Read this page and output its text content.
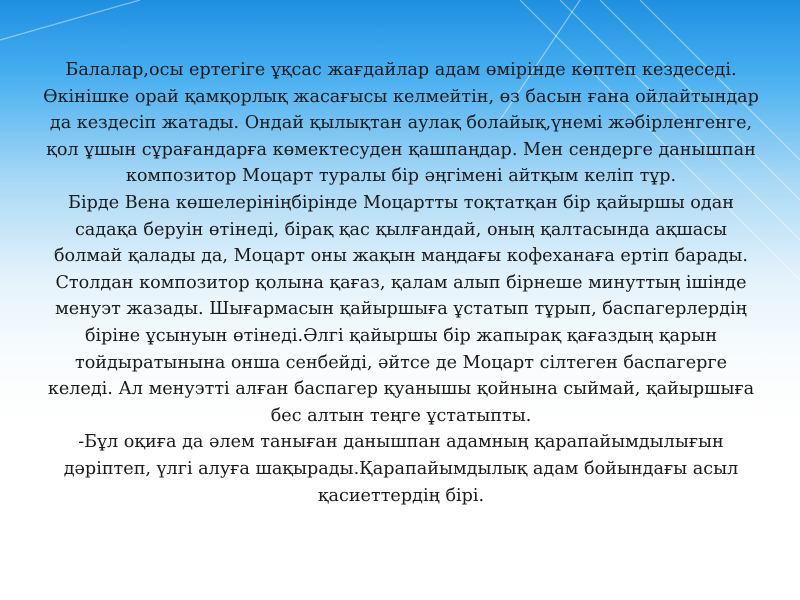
Балалар,осы ертегіге ұқсас жағдайлар адам өмірінде көптеп кездеседі. Өкінішке орай қамқорлық жасағысы келмейтін, өз басын ғана ойлайтындар да кездесіп жатады. Ондай қылықтан аулақ болайық,үнемі жәбірленгенге, қол ұшын сұрағандарға көмектесуден қашпаңдар. Мен сендерге данышпан композитор Моцарт туралы бір әңгімені айтқым келіп тұр.

Бірде Вена көшелерініңбірінде Моцартты тоқтатқан бір қайыршы одан садақа беруін өтінеді, бірақ қас қылғандай, оның қалтасында ақшасы болмай қалады да, Моцарт оны жақын маңдағы кофеханаға ертіп барады. Столдан композитор қолына қағаз, қалам алып бірнеше минуттың ішінде менуэт жазады. Шығармасын қайыршыға ұстатып тұрып, баспагерлердің біріне ұсынуын өтінеді.Әлгі қайыршы бір жапырақ қағаздың қарын тойдыратынына онша сенбейді, әйтсе де Моцарт сілтеген баспагерге келеді. Ал менуэтті алған баспагер қуанышы қойнына сыймай, қайыршыға бес алтын теңге ұстатыпты.

-Бұл оқиға да әлем таныған данышпан адамның қарапайымдылығын дәріптеп, үлгі алуға шақырады.Қарапайымдылық адам бойындағы асыл қасиеттердің бірі.
